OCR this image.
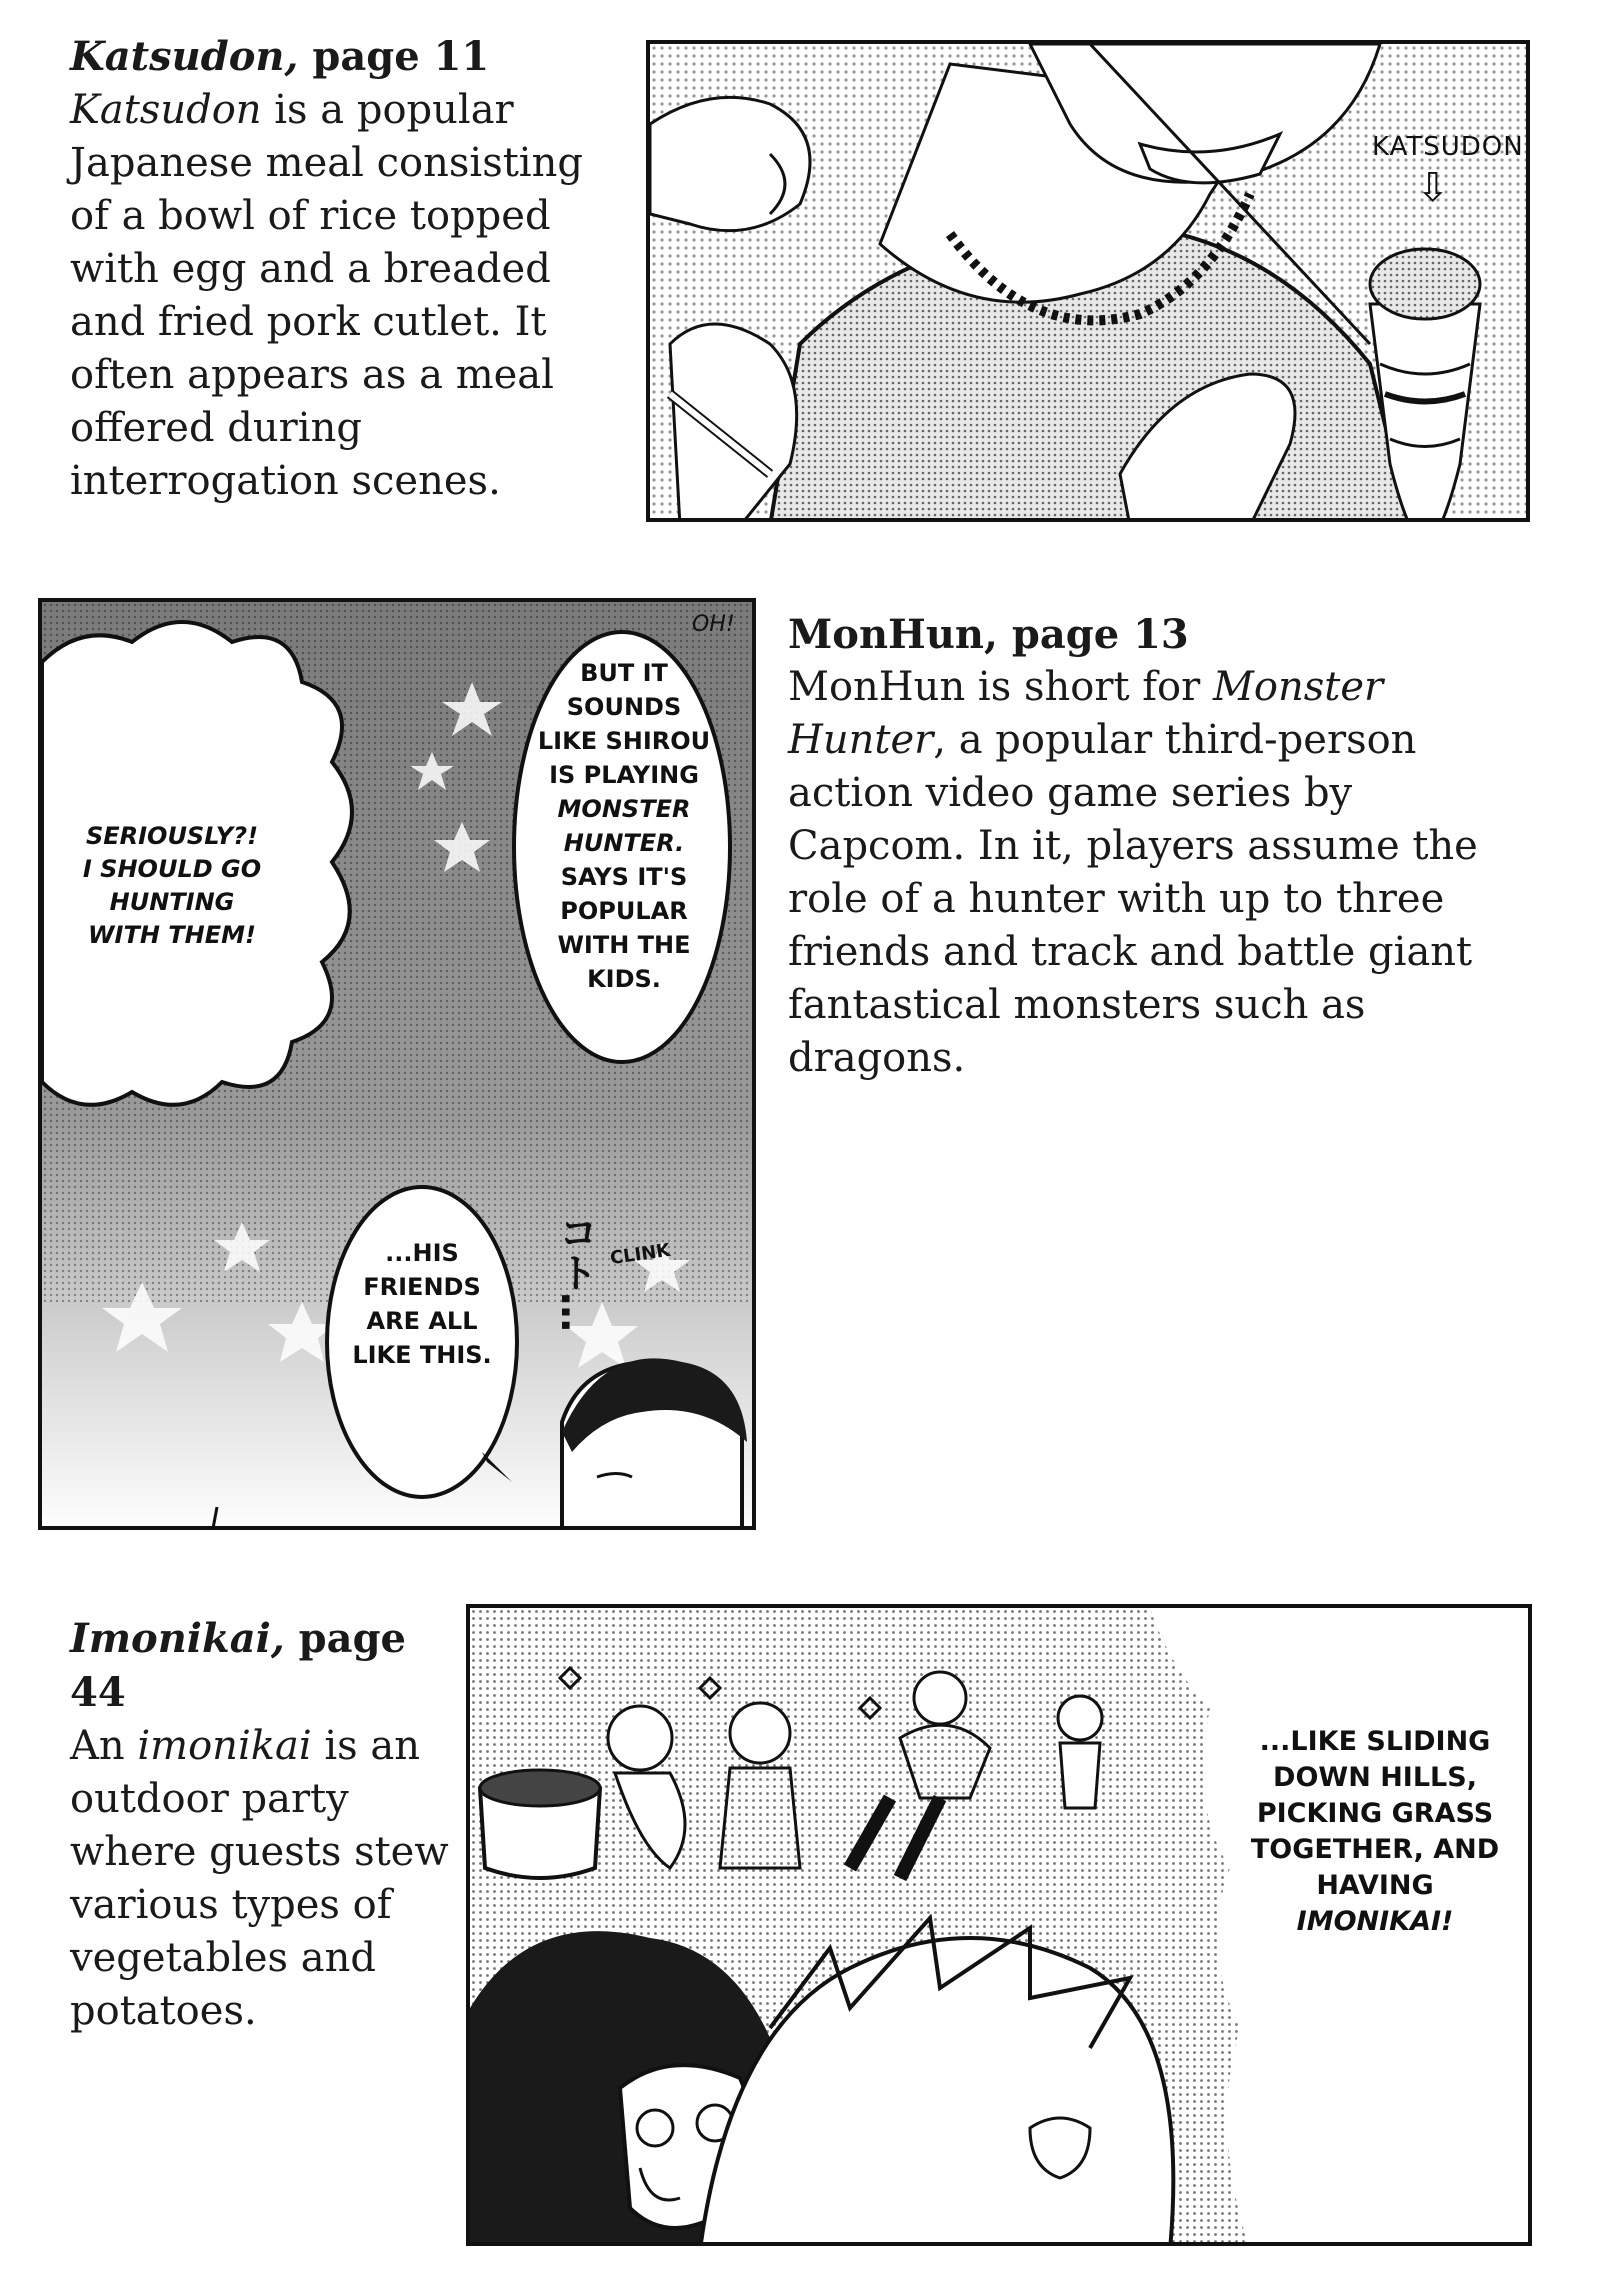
Katsudon, page 11
Katsudon is a popular Japanese meal consisting of a bowl of rice topped with egg and a breaded and fried pork cutlet. It often appears as a meal offered during interrogation scenes.
KATSUDON
⇩
OH!
SERIOUSLY?! I SHOULD GO HUNTING WITH THEM!
BUT IT SOUNDS LIKE SHIROU IS PLAYING
MONSTER HUNTER.
SAYS IT'S POPULAR WITH THE KIDS.
...HIS FRIENDS ARE ALL LIKE THIS.
コト… CLINK
MonHun, page 13
MonHun is short for Monster Hunter, a popular third-person action video game series by Capcom. In it, players assume the role of a hunter with up to three friends and track and battle giant fantastical monsters such as dragons.
Imonikai, page 44
An imonikai is an outdoor party where guests stew various types of vegetables and potatoes.
...LIKE SLIDING DOWN HILLS, PICKING GRASS TOGETHER, AND HAVING
IMONIKAI!
